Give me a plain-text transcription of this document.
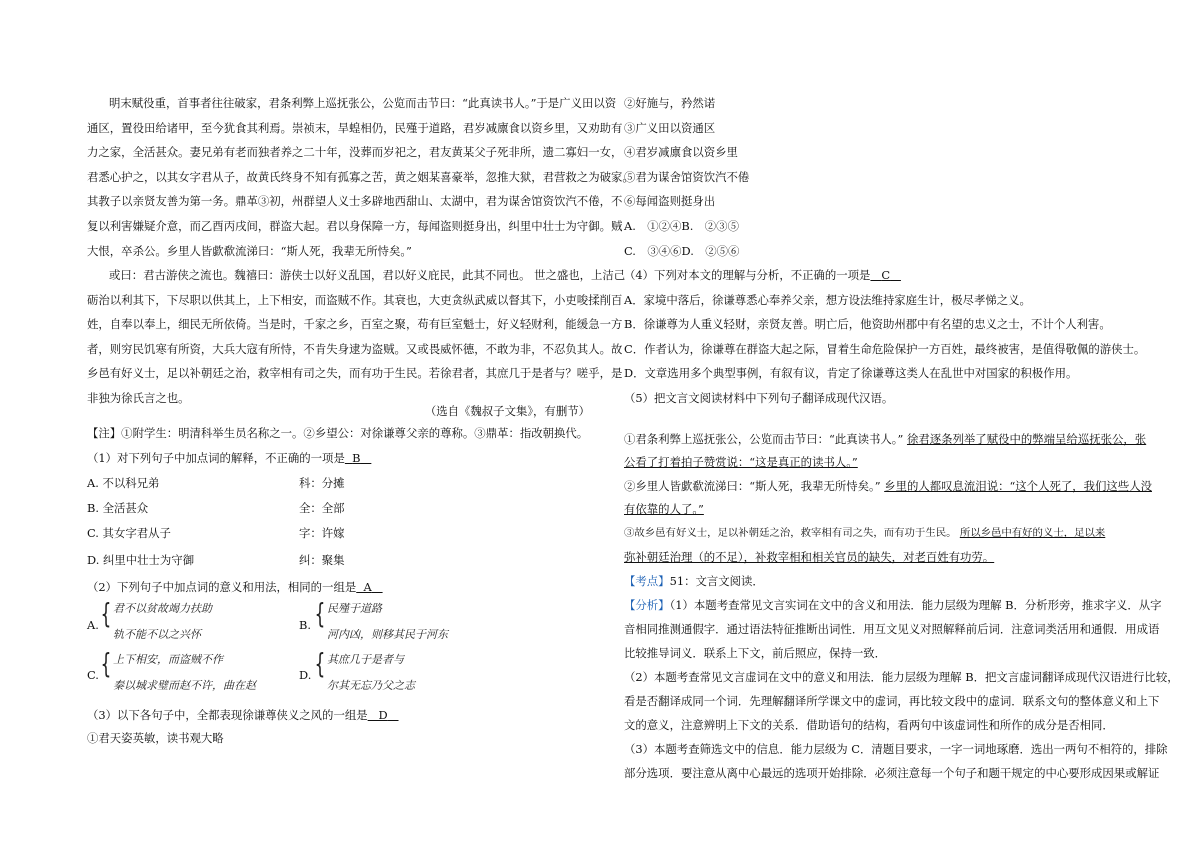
明末赋役重，首事者往往破家，君条利弊上巡抚张公，公览而击节曰：“此真读书人。”于是广义田以资
通区，置役田给诸甲，至今犹食其利焉。崇祯末，旱蝗相仍，民殣于道路，君岁减廪食以资乡里，又劝助有
力之家，全活甚众。妻兄弟有老而独者养之二十年，没葬而岁祀之，君友黄某父子死非所，遗二寡妇一女，
君悉心护之，以其女字君从子，故黄氏终身不知有孤寡之苦，黄之姻某喜豪举，忽推大狱，君营救之为破家。
其教子以亲贤友善为第一务。鼎革③初，州群望人义士多辟地西甜山、太湖中，君为谋舍馆资饮汽不倦，不
复以利害嫌疑介意，而乙酉丙戌间，群盗大起。君以身保障一方，每闻盗则挺身出，纠里中壮士为守御。贼
大恨，卒杀公。乡里人皆歔欷流涕曰：“斯人死，我辈无所恃矣。”
或曰：君古游侠之流也。魏禧曰：游侠士以好义乱国，君以好义庇民，此其不同也。 世之盛也，上洁己
砺治以利其下，下尽职以供其上，上下相安，而盗贼不作。其衰也，大吏贪纵武威以督其下，小吏唆揉削百
姓，自奉以奉上，细民无所依倚。当是时，千家之乡，百室之聚，苟有巨室魁士，好义轻财利，能缓急一方
者，则穷民饥寒有所资，大兵大寇有所恃，不肯失身逮为盗贼。又或畏威怀德，不敢为非，不忍负其人。故
乡邑有好义士，足以补朝廷之治，救宰相有司之失，而有功于生民。若徐君者，其庶几于是者与？嗟乎，是
非独为徐氏言之也。
（选自《魏叔子文集》，有删节）
【注】①附学生：明清科举生员名称之一。②乡望公：对徐谦尊父亲的尊称。③鼎革：指改朝换代。
（1）对下列句子中加点词的解释，不正确的一项是 B
A. 不以科兄弟	科：分摊
B. 全活甚众	全：全部
C. 其女字君从子	字：许嫁
D. 纠里中壮士为守御	纠：聚集
（2）下列句子中加点词的意义和用法，相同的一组是 A
A. { 君不以贫故竭力扶助
轨不能不以之兴怀
B. { 民殣于道路
河内凶，则移其民于河东
C. { 上下相安，而盗贼不作
秦以城求璧而赵不许，曲在赵
D. { 其庶几于是者与
尔其无忘乃父之志
（3）以下各句子中，全都表现徐谦尊侠义之风的一组是 D
①君天姿英敏，读书观大略
②好施与，矜然诺
③广义田以资通区
④君岁减廪食以资乡里
⑤君为谋舍馆资饮汽不倦
⑥每闻盗则挺身出
A.　①②④B.　②③⑤
C.　③④⑥D.　②⑤⑥
（4）下列对本文的理解与分析，不正确的一项是 C
A．家境中落后，徐谦尊悉心奉养父亲，想方设法维持家庭生计，极尽孝悌之义。
B．徐谦尊为人重义轻财，亲贤友善。明亡后，他资助州郡中有名望的忠义之士，不计个人利害。
C．作者认为，徐谦尊在群盗大起之际，冒着生命危险保护一方百姓，最终被害，是值得敬佩的游侠士。
D．文章选用多个典型事例，有叙有议，肯定了徐谦尊这类人在乱世中对国家的积极作用。
（5）把文言文阅读材料中下列句子翻译成现代汉语。
①君条利弊上巡抚张公，公览而击节曰：“此真读书人。” 徐君逐条列举了赋役中的弊端呈给巡抚张公，张
公看了打着拍子赞赏说：“这是真正的读书人。”
②乡里人皆歔欷流涕曰：“斯人死，我辈无所恃矣。” 乡里的人都叹息流泪说：“这个人死了，我们这些人没
有依靠的人了。”
③故乡邑有好义士，足以补朝廷之治，救宰相有司之失，而有功于生民。 所以乡邑中有好的义士，足以来
弥补朝廷治理（的不足），补救宰相和相关官员的缺失，对老百姓有功劳。
【考点】51：文言文阅读．
【分析】（1）本题考查常见文言实词在文中的含义和用法．能力层级为理解 B．分析形旁，推求字义．从字
音相同推测通假字．通过语法特征推断出词性．用互文见义对照解释前后词．注意词类活用和通假．用成语
比较推导词义．联系上下文，前后照应，保持一致．
（2）本题考查常见文言虚词在文中的意义和用法．能力层级为理解 B．把文言虚词翻译成现代汉语进行比较，
看是否翻译成同一个词．先理解翻译所学课文中的虚词，再比较文段中的虚词．联系文句的整体意义和上下
文的意义，注意辨明上下文的关系．借助语句的结构，看两句中该虚词性和所作的成分是否相同．
（3）本题考查筛选文中的信息．能力层级为 C．清题目要求，一字一词地琢磨．选出一两句不相符的，排除
部分选项．要注意从离中心最远的选项开始排除．必须注意每一个句子和题干规定的中心要形成因果或解证
